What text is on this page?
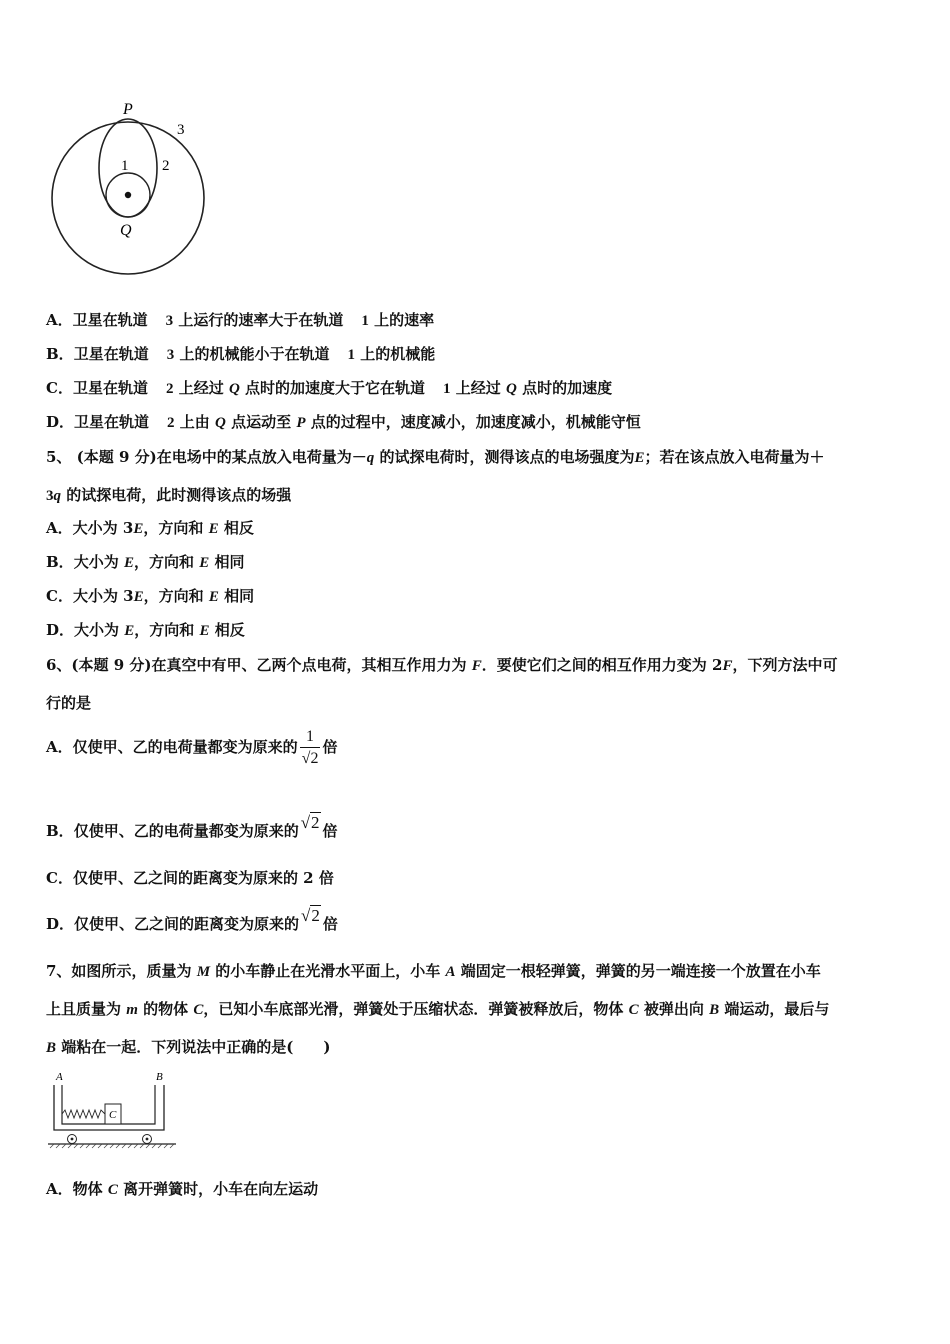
P
3
1 2
Q
A．卫星在轨道 3 上运行的速率大于在轨道 1 上的速率
B．卫星在轨道 3 上的机械能小于在轨道 1 上的机械能
C．卫星在轨道 2 上经过 Q 点时的加速度大于它在轨道 1 上经过 Q 点时的加速度
D．卫星在轨道 2 上由 Q 点运动至 P 点的过程中，速度减小，加速度减小，机械能守恒
5、 (本题 9 分)在电场中的某点放入电荷量为－q 的试探电荷时，测得该点的电场强度为E；若在该点放入电荷量为＋
3q 的试探电荷，此时测得该点的场强
A．大小为 3E，方向和 E 相反
B．大小为 E，方向和 E 相同
C．大小为 3E，方向和 E 相同
D．大小为 E，方向和 E 相反
6、(本题 9 分)在真空中有甲、乙两个点电荷，其相互作用力为 F．要使它们之间的相互作用力变为 2F，下列方法中可
行的是
A．仅使甲、乙的电荷量都变为原来的 $\frac{1}{√2}$ 倍
B．仅使甲、乙的电荷量都变为原来的 √2 倍
C．仅使甲、乙之间的距离变为原来的 2 倍
D．仅使甲、乙之间的距离变为原来的 √2 倍
7、如图所示，质量为 M 的小车静止在光滑水平面上，小车 A 端固定一根轻弹簧，弹簧的另一端连接一个放置在小车
上且质量为 m 的物体 C，已知小车底部光滑，弹簧处于压缩状态．弹簧被释放后，物体 C 被弹出向 B 端运动，最后与
B 端粘在一起．下列说法中正确的是(　　)
A	B
C
A．物体 C 离开弹簧时，小车在向左运动
